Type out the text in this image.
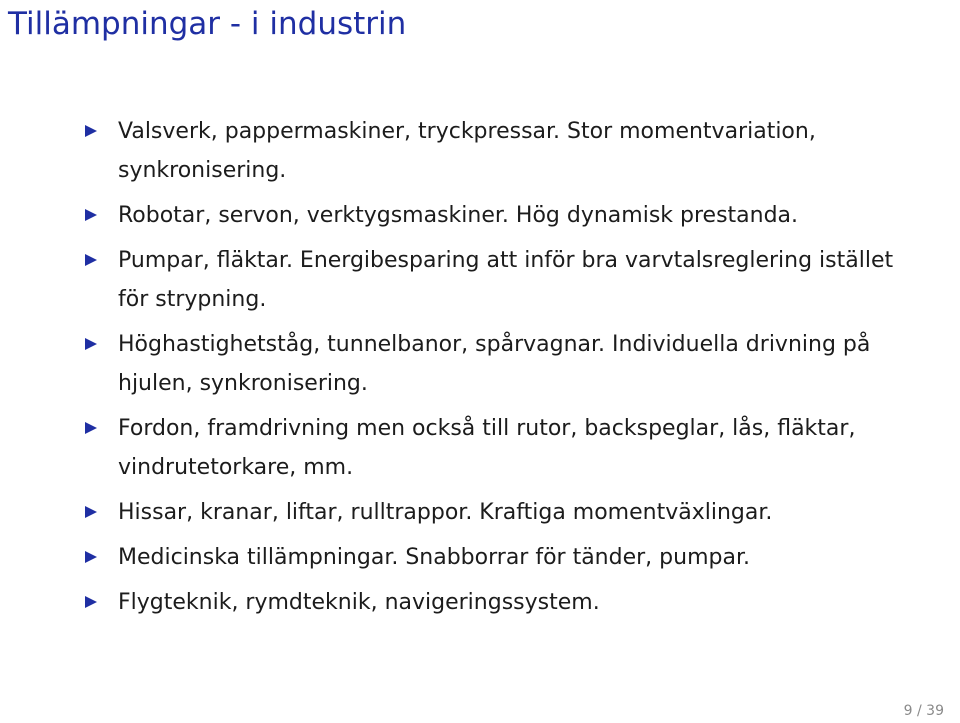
Tillämpningar - i industrin
Valsverk, pappermaskiner, tryckpressar. Stor momentvariation, synkronisering.
Robotar, servon, verktygsmaskiner. Hög dynamisk prestanda.
Pumpar, fläktar. Energibesparing att inför bra varvtalsreglering istället för strypning.
Höghastighetståg, tunnelbanor, spårvagnar. Individuella drivning på hjulen, synkronisering.
Fordon, framdrivning men också till rutor, backspeglar, lås, fläktar, vindrutetorkare, mm.
Hissar, kranar, liftar, rulltrappor. Kraftiga momentväxlingar.
Medicinska tillämpningar. Snabborrar för tänder, pumpar.
Flygteknik, rymdteknik, navigeringssystem.
9 / 39
